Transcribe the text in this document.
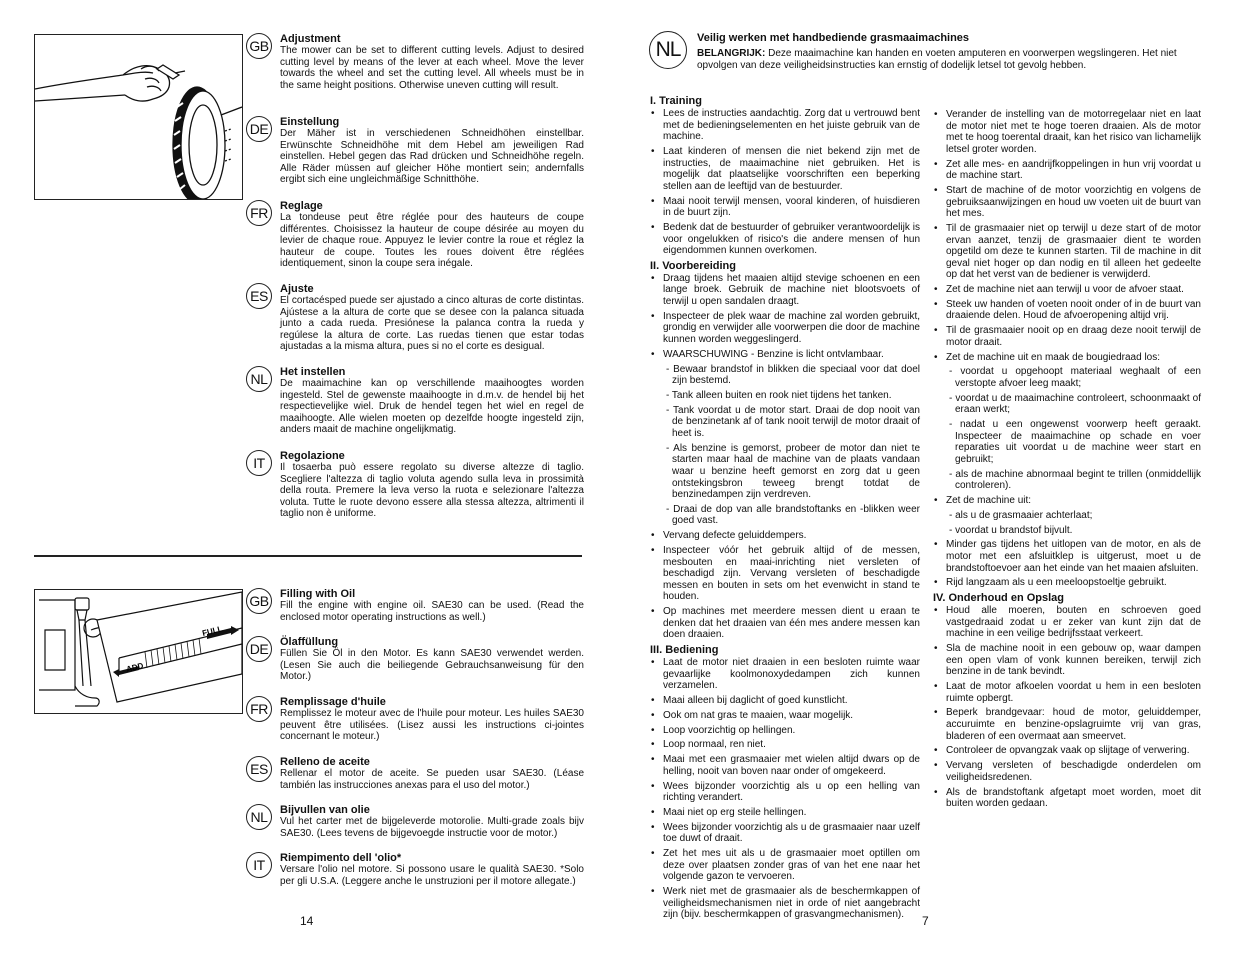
GB	Adjustment
The mower can be set to different cutting levels. Adjust to desired cutting level by means of the lever at each wheel. Move the lever towards the wheel and set the cutting level. All wheels must be in the same height positions. Otherwise uneven cutting will result.
DE	Einstellung
Der Mäher ist in verschiedenen Schneidhöhen einstellbar. Erwünschte Schneidhöhe mit dem Hebel am jeweiligen Rad einstellen. Hebel gegen das Rad drücken und Schneidhöhe regeln. Alle Räder müssen auf gleicher Höhe montiert sein; andernfalls ergibt sich eine ungleichmäßige Schnitthöhe.
FR	Reglage
La tondeuse peut être réglée pour des hauteurs de coupe différentes. Choisissez la hauteur de coupe désirée au moyen du levier de chaque roue. Appuyez le levier contre la roue et réglez la hauteur de coupe. Toutes les roues doivent être réglées identiquement, sinon la coupe sera inégale.
ES	Ajuste
El cortacésped puede ser ajustado a cinco alturas de corte distintas. Ajústese a la altura de corte que se desee con la palanca situada junto a cada rueda. Presiónese la palanca contra la rueda y regúlese la altura de corte. Las ruedas tienen que estar todas ajustadas a la misma altura, pues si no el corte es desigual.
NL	Het instellen
De maaimachine kan op verschillende maaihoogtes worden ingesteld. Stel de gewenste maaihoogte in d.m.v. de hendel bij het respectievelijke wiel. Druk de hendel tegen het wiel en regel de maaihoogte. Alle wielen moeten op dezelfde hoogte ingesteld zijn, anders maait de machine ongelijkmatig.
IT	Regolazione
Il tosaerba può essere regolato su diverse altezze di taglio. Scegliere l'altezza di taglio voluta agendo sulla leva in prossimità della routa. Premere la leva verso la ruota e selezionare l'altezza voluta. Tutte le ruote devono essere alla stessa altezza, altrimenti il taglio non è uniforme.
FULL
ADD
GB	Filling with Oil
Fill the engine with engine oil. SAE30 can be used. (Read the enclosed motor operating instructions as well.)
DE	Ölaffüllung
Füllen Sie Öl in den Motor. Es kann SAE30 verwendet werden. (Lesen Sie auch die beiliegende Gebrauchsanweisung für den Motor.)
FR	Remplissage d'huile
Remplissez le moteur avec de l'huile pour moteur. Les huiles SAE30 peuvent être utilisées. (Lisez aussi les instructions ci-jointes concernant le moteur.)
ES	Relleno de aceite
Rellenar el motor de aceite. Se pueden usar SAE30. (Léase también las instrucciones anexas para el uso del motor.)
NL	Bijvullen van olie
Vul het carter met de bijgeleverde motorolie. Multi-grade zoals bijv SAE30. (Lees tevens de bijgevoegde instructie voor de motor.)
IT	Riempimento dell 'olio*
Versare l'olio nel motore. Si possono usare le qualità SAE30. *Solo per gli U.S.A. (Leggere anche le unstruzioni per il motore allegate.)
14
NL	Veilig werken met handbediende grasmaaimachines
BELANGRIJK: Deze maaimachine kan handen en voeten amputeren en voorwerpen wegslingeren. Het niet opvolgen van deze veiligheidsinstructies kan ernstig of dodelijk letsel tot gevolg hebben.
I. Training
• Lees de instructies aandachtig. Zorg dat u vertrouwd bent met de bedieningselementen en het juiste gebruik van de machine.
• Laat kinderen of mensen die niet bekend zijn met de instructies, de maaimachine niet gebruiken. Het is mogelijk dat plaatselijke voorschriften een beperking stellen aan de leeftijd van de bestuurder.
• Maai nooit terwijl mensen, vooral kinderen, of huisdieren in de buurt zijn.
• Bedenk dat de bestuurder of gebruiker verantwoordelijk is voor ongelukken of risico's die andere mensen of hun eigendommen kunnen overkomen.
II. Voorbereiding
• Draag tijdens het maaien altijd stevige schoenen en een lange broek. Gebruik de machine niet blootsvoets of terwijl u open sandalen draagt.
• Inspecteer de plek waar de machine zal worden gebruikt, grondig en verwijder alle voorwerpen die door de machine kunnen worden weggeslingerd.
• WAARSCHUWING - Benzine is licht ontvlambaar.
- Bewaar brandstof in blikken die speciaal voor dat doel zijn bestemd.
- Tank alleen buiten en rook niet tijdens het tanken.
- Tank voordat u de motor start. Draai de dop nooit van de benzinetank af of tank nooit terwijl de motor draait of heet is.
- Als benzine is gemorst, probeer de motor dan niet te starten maar haal de machine van de plaats vandaan waar u benzine heeft gemorst en zorg dat u geen ontstekingsbron teweeg brengt totdat de benzinedampen zijn verdreven.
- Draai de dop van alle brandstoftanks en -blikken weer goed vast.
• Vervang defecte geluiddempers.
• Inspecteer vóór het gebruik altijd of de messen, mesbouten en maai-inrichting niet versleten of beschadigd zijn. Vervang versleten of beschadigde messen en bouten in sets om het evenwicht in stand te houden.
• Op machines met meerdere messen dient u eraan te denken dat het draaien van één mes andere messen kan doen draaien.
III. Bediening
• Laat de motor niet draaien in een besloten ruimte waar gevaarlijke koolmonoxydedampen zich kunnen verzamelen.
• Maai alleen bij daglicht of goed kunstlicht.
• Ook om nat gras te maaien, waar mogelijk.
• Loop voorzichtig op hellingen.
• Loop normaal, ren niet.
• Maai met een grasmaaier met wielen altijd dwars op de helling, nooit van boven naar onder of omgekeerd.
• Wees bijzonder voorzichtig als u op een helling van richting verandert.
• Maai niet op erg steile hellingen.
• Wees bijzonder voorzichtig als u de grasmaaier naar uzelf toe duwt of draait.
• Zet het mes uit als u de grasmaaier moet optillen om deze over plaatsen zonder gras of van het ene naar het volgende gazon te vervoeren.
• Werk niet met de grasmaaier als de beschermkappen of veiligheidsmechanismen niet in orde of niet aangebracht zijn (bijv. beschermkappen of grasvangmechanismen).
• Verander de instelling van de motorregelaar niet en laat de motor niet met te hoge toeren draaien. Als de motor met te hoog toerental draait, kan het risico van lichamelijk letsel groter worden.
• Zet alle mes- en aandrijfkoppelingen in hun vrij voordat u de machine start.
• Start de machine of de motor voorzichtig en volgens de gebruiksaanwijzingen en houd uw voeten uit de buurt van het mes.
• Til de grasmaaier niet op terwijl u deze start of de motor ervan aanzet, tenzij de grasmaaier dient te worden opgetild om deze te kunnen starten. Til de machine in dit geval niet hoger op dan nodig en til alleen het gedeelte op dat het verst van de bediener is verwijderd.
• Zet de machine niet aan terwijl u voor de afvoer staat.
• Steek uw handen of voeten nooit onder of in de buurt van draaiende delen. Houd de afvoeropening altijd vrij.
• Til de grasmaaier nooit op en draag deze nooit terwijl de motor draait.
• Zet de machine uit en maak de bougiedraad los:
- voordat u opgehoopt materiaal weghaalt of een verstopte afvoer leeg maakt;
- voordat u de maaimachine controleert, schoonmaakt of eraan werkt;
- nadat u een ongewenst voorwerp heeft geraakt. Inspecteer de maaimachine op schade en voer reparaties uit voordat u de machine weer start en gebruikt;
- als de machine abnormaal begint te trillen (onmiddellijk controleren).
• Zet de machine uit:
- als u de grasmaaier achterlaat;
- voordat u brandstof bijvult.
• Minder gas tijdens het uitlopen van de motor, en als de motor met een afsluitklep is uitgerust, moet u de brandstoftoevoer aan het einde van het maaien afsluiten.
• Rijd langzaam als u een meeloopstoeltje gebruikt.
IV. Onderhoud en Opslag
• Houd alle moeren, bouten en schroeven goed vastgedraaid zodat u er zeker van kunt zijn dat de machine in een veilige bedrijfsstaat verkeert.
• Sla de machine nooit in een gebouw op, waar dampen een open vlam of vonk kunnen bereiken, terwijl zich benzine in de tank bevindt.
• Laat de motor afkoelen voordat u hem in een besloten ruimte opbergt.
• Beperk brandgevaar: houd de motor, geluiddemper, accuruimte en benzine-opslagruimte vrij van gras, bladeren of een overmaat aan smeervet.
• Controleer de opvangzak vaak op slijtage of verwering.
• Vervang versleten of beschadigde onderdelen om veiligheidsredenen.
• Als de brandstoftank afgetapt moet worden, moet dit buiten worden gedaan.
7
